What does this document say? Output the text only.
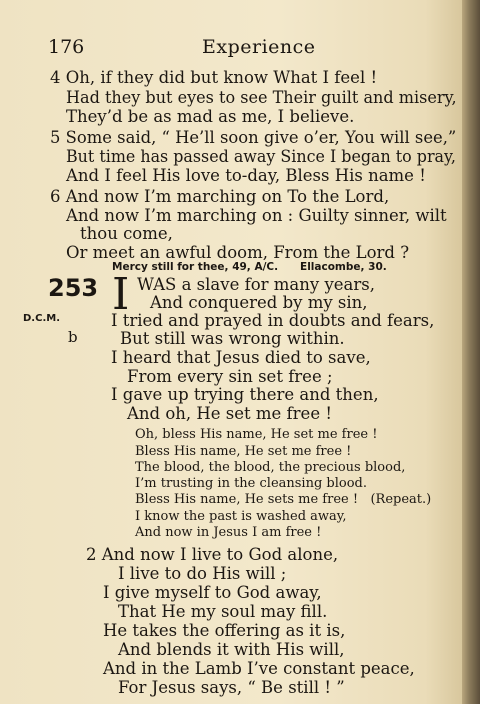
176	Experience
4 Oh, if they did but know What I feel !
Had they but eyes to see Their guilt and misery,
They’d be as mad as me, I believe.
5 Some said, “ He’ll soon give o’er, You will see,”
But time has passed away Since I began to pray,
And I feel His love to-day, Bless His name !
6 And now I’m marching on To the Lord,
And now I’m marching on : Guilty sinner, wilt
thou come,
Or meet an awful doom, From the Lord ?
Mercy still for thee, 49, A/C.      Ellacombe, 30.
253 I
D.C.M.
b
WAS a slave for many years,
And conquered by my sin,
I tried and prayed in doubts and fears,
But still was wrong within.
I heard that Jesus died to save,
From every sin set free ;
I gave up trying there and then,
And oh, He set me free !
Oh, bless His name, He set me free !
Bless His name, He set me free !
The blood, the blood, the precious blood,
I’m trusting in the cleansing blood.
Bless His name, He sets me free !   (Repeat.)
I know the past is washed away,
And now in Jesus I am free !
2 And now I live to God alone,
I live to do His will ;
I give myself to God away,
That He my soul may fill.
He takes the offering as it is,
And blends it with His will,
And in the Lamb I’ve constant peace,
For Jesus says, “ Be still ! ”
